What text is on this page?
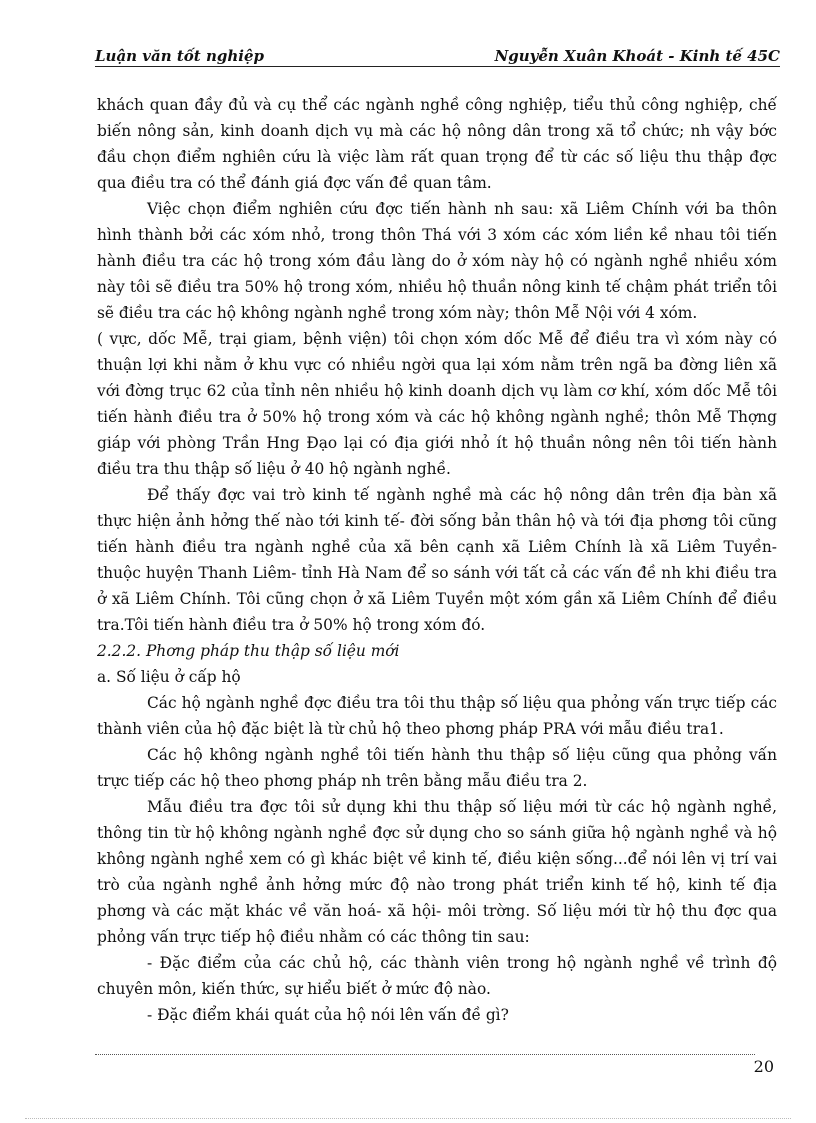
Luận văn tốt nghiệp	Nguyễn Xuân Khoát - Kinh tế 45C

khách quan đầy đủ và cụ thể các ngành nghề công nghiệp, tiểu thủ công nghiệp, chế biến nông sản, kinh doanh dịch vụ mà các hộ nông dân trong xã tổ chức; nh vậy bớc đầu chọn điểm nghiên cứu là việc làm rất quan trọng để từ các số liệu thu thập đợc qua điều tra có thể đánh giá đợc vấn đề quan tâm.

Việc chọn điểm nghiên cứu đợc tiến hành nh sau: xã Liêm Chính với ba thôn hình thành bởi các xóm nhỏ, trong thôn Thá với 3 xóm các xóm liền kề nhau tôi tiến hành điều tra các hộ trong xóm đầu làng do ở xóm này hộ có ngành nghề nhiều xóm này tôi sẽ điều tra 50% hộ trong xóm, nhiều hộ thuần nông kinh tế chậm phát triển tôi sẽ điều tra các hộ không ngành nghề trong xóm này; thôn Mễ Nội với 4 xóm.

( vực, dốc Mễ, trại giam, bệnh viện) tôi chọn xóm dốc Mễ để điều tra vì xóm này có thuận lợi khi nằm ở khu vực có nhiều ngời qua lại xóm nằm trên ngã ba đờng liên xã với đờng trục 62 của tỉnh nên nhiều hộ kinh doanh dịch vụ làm cơ khí, xóm dốc Mễ tôi tiến hành điều tra ở 50% hộ trong xóm và các hộ không ngành nghề; thôn Mễ Thợng giáp với phòng Trần Hng Đạo lại có địa giới nhỏ ít hộ thuần nông nên tôi tiến hành điều tra thu thập số liệu ở 40 hộ ngành nghề.

Để thấy đợc vai trò kinh tế ngành nghề mà các hộ nông dân trên địa bàn xã thực hiện ảnh hởng thế nào tới kinh tế- đời sống bản thân hộ và tới địa phơng tôi cũng tiến hành điều tra ngành nghề của xã bên cạnh xã Liêm Chính là xã Liêm Tuyền- thuộc huyện Thanh Liêm- tỉnh Hà Nam để so sánh với tất cả các vấn đề nh khi điều tra ở xã Liêm Chính. Tôi cũng chọn ở xã Liêm Tuyền một xóm gần xã Liêm Chính để điều tra.Tôi tiến hành điều tra ở 50% hộ trong xóm đó.

2.2.2. Phơng pháp thu thập số liệu mới

a. Số liệu ở cấp hộ

Các hộ ngành nghề đợc điều tra tôi thu thập số liệu qua phỏng vấn trực tiếp các thành viên của hộ đặc biệt là từ chủ hộ theo phơng pháp PRA với mẫu điều tra1.

Các hộ không ngành nghề tôi tiến hành thu thập số liệu cũng qua phỏng vấn trực tiếp các hộ theo phơng pháp nh trên bằng mẫu điều tra 2.

Mẫu điều tra đợc tôi sử dụng khi thu thập số liệu mới từ các hộ ngành nghề, thông tin từ hộ không ngành nghề đợc sử dụng cho so sánh giữa hộ ngành nghề và hộ không ngành nghề xem có gì khác biệt về kinh tế, điều kiện sống...để nói lên vị trí vai trò của ngành nghề ảnh hởng mức độ nào trong phát triển kinh tế hộ, kinh tế địa phơng và các mặt khác về văn hoá- xã hội- môi trờng. Số liệu mới từ hộ thu đợc qua phỏng vấn trực tiếp hộ điều nhằm có các thông tin sau:

- Đặc điểm của các chủ hộ, các thành viên trong hộ ngành nghề về trình độ chuyên môn, kiến thức, sự hiểu biết ở mức độ nào.

- Đặc điểm khái quát của hộ nói lên vấn đề gì?

20
